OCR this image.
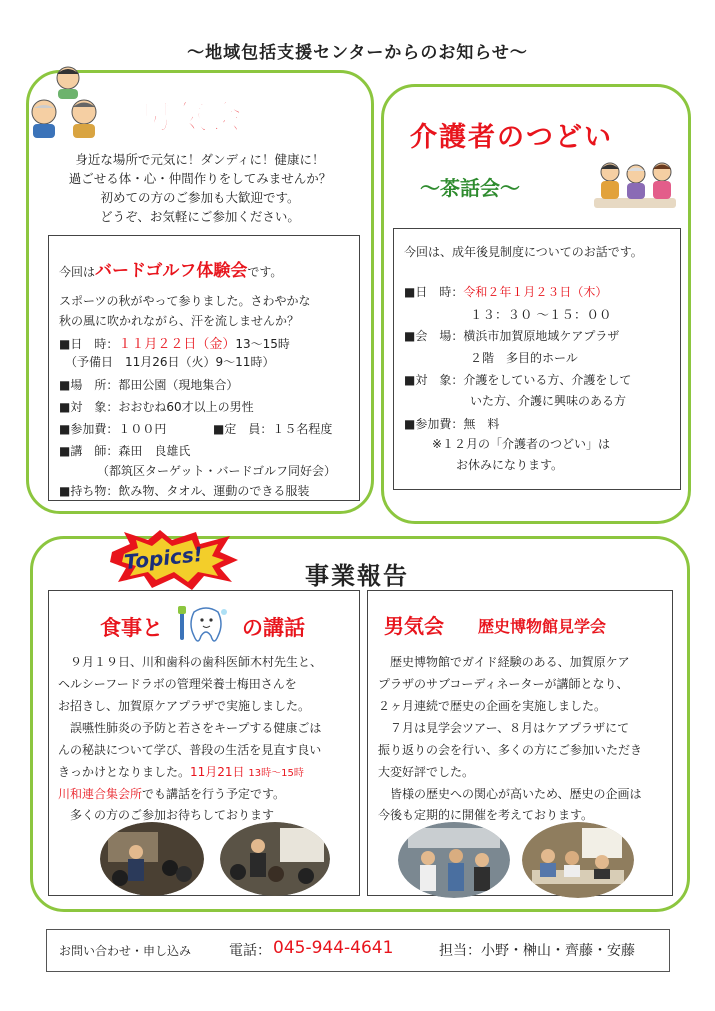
～地域包括支援センターからのお知らせ～
男気会
身近な場所で元気に！ダンディに！健康に！
過ごせる体・心・仲間作りをしてみませんか？
初めての方のご参加も大歓迎です。
どうぞ、お気軽にご参加ください。
今回はバードゴルフ体験会です。
スポーツの秋がやって参りました。さわやかな
秋の風に吹かれながら、汗を流しませんか？
■日　時：１１月２２日（金）13～15時
（予備日　11月26日（火）9～11時）
■場　所：都田公園（現地集合）
■対　象：おおむね60才以上の男性
■参加費：１００円	■定　員：１５名程度
■講　師：森田　良雄氏
（都筑区ターゲット・バードゴルフ同好会）
■持ち物：飲み物、タオル、運動のできる服装
介護者のつどい
～茶話会～
今回は、成年後見制度についてのお話です。
■日　時：令和２年１月２３日（木）
１３：３０ ～１５：００
■会　場：横浜市加賀原地域ケアプラザ
２階　多目的ホール
■対　象：介護をしている方、介護をして
いた方、介護に興味のある方
■参加費：無　料
※１２月の「介護者のつどい」は
お休みになります。
Topics!
事業報告
食事と	の講話
９月１９日、川和歯科の歯科医師木村先生と、
ヘルシーフードラボの管理栄養士梅田さんを
お招きし、加賀原ケアプラザで実施しました。
誤嚥性肺炎の予防と若さをキープする健康ごは
んの秘訣について学び、普段の生活を見直す良い
きっかけとなりました。11月21日 13時～15時
川和連合集会所でも講話を行う予定です。
多くの方のご参加お待ちしております
男気会 歴史博物館見学会
歴史博物館でガイド経験のある、加賀原ケア
プラザのサブコーディネーターが講師となり、
２ヶ月連続で歴史の企画を実施しました。
７月は見学会ツアー、８月はケアプラザにて
振り返りの会を行い、多くの方にご参加いただき
大変好評でした。
皆様の歴史への関心が高いため、歴史の企画は
今後も定期的に開催を考えております。
お問い合わせ・申し込み	電話： 045-944-4641	担当：小野・榊山・齊藤・安藤
